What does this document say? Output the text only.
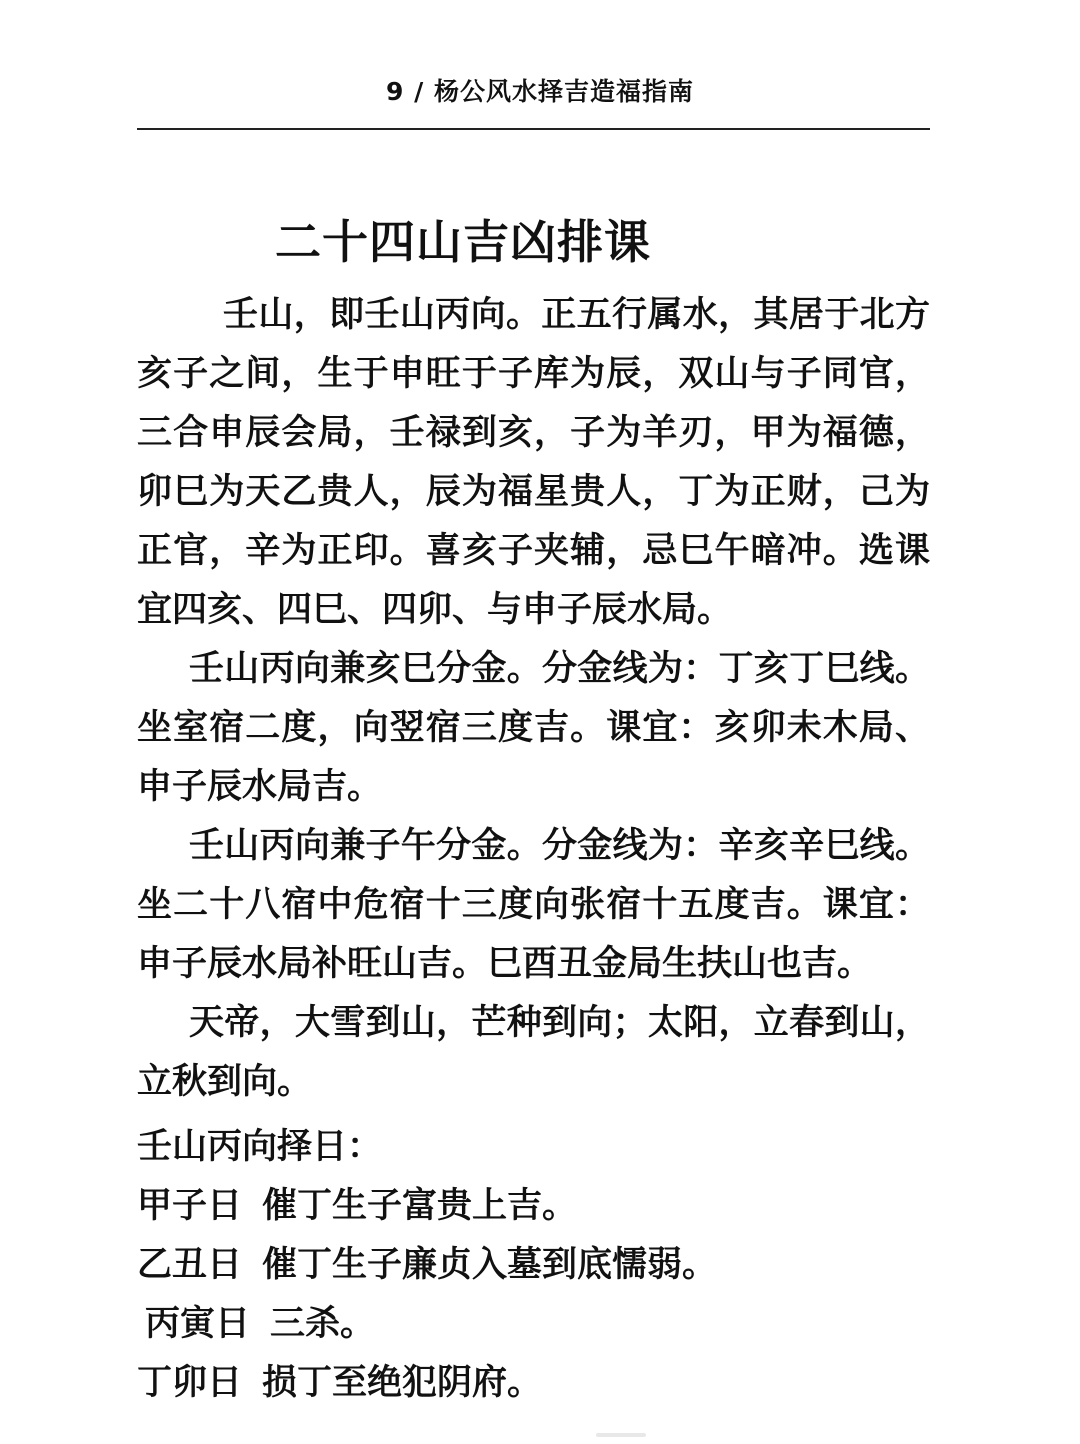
9 / 杨公风水择吉造福指南
二十四山吉凶排课

壬山，即壬山丙向。正五行属水，其居于北方亥子之间，生于申旺于子库为辰，双山与子同官，三合申辰会局，壬禄到亥，子为羊刃，甲为福德，卯巳为天乙贵人，辰为福星贵人，丁为正财，己为正官，辛为正印。喜亥子夹辅，忌巳午暗冲。选课宜四亥、四巳、四卯、与申子辰水局。

壬山丙向兼亥巳分金。分金线为：丁亥丁巳线。坐室宿二度，向翌宿三度吉。课宜：亥卯未木局、申子辰水局吉。

壬山丙向兼子午分金。分金线为：辛亥辛巳线。坐二十八宿中危宿十三度向张宿十五度吉。课宜：申子辰水局补旺山吉。巳酉丑金局生扶山也吉。

天帝，大雪到山，芒种到向；太阳，立春到山，立秋到向。

壬山丙向择日：

甲子日 催丁生子富贵上吉。

乙丑日 催丁生子廉贞入墓到底懦弱。

丙寅日 三杀。

丁卯日 损丁至绝犯阴府。
